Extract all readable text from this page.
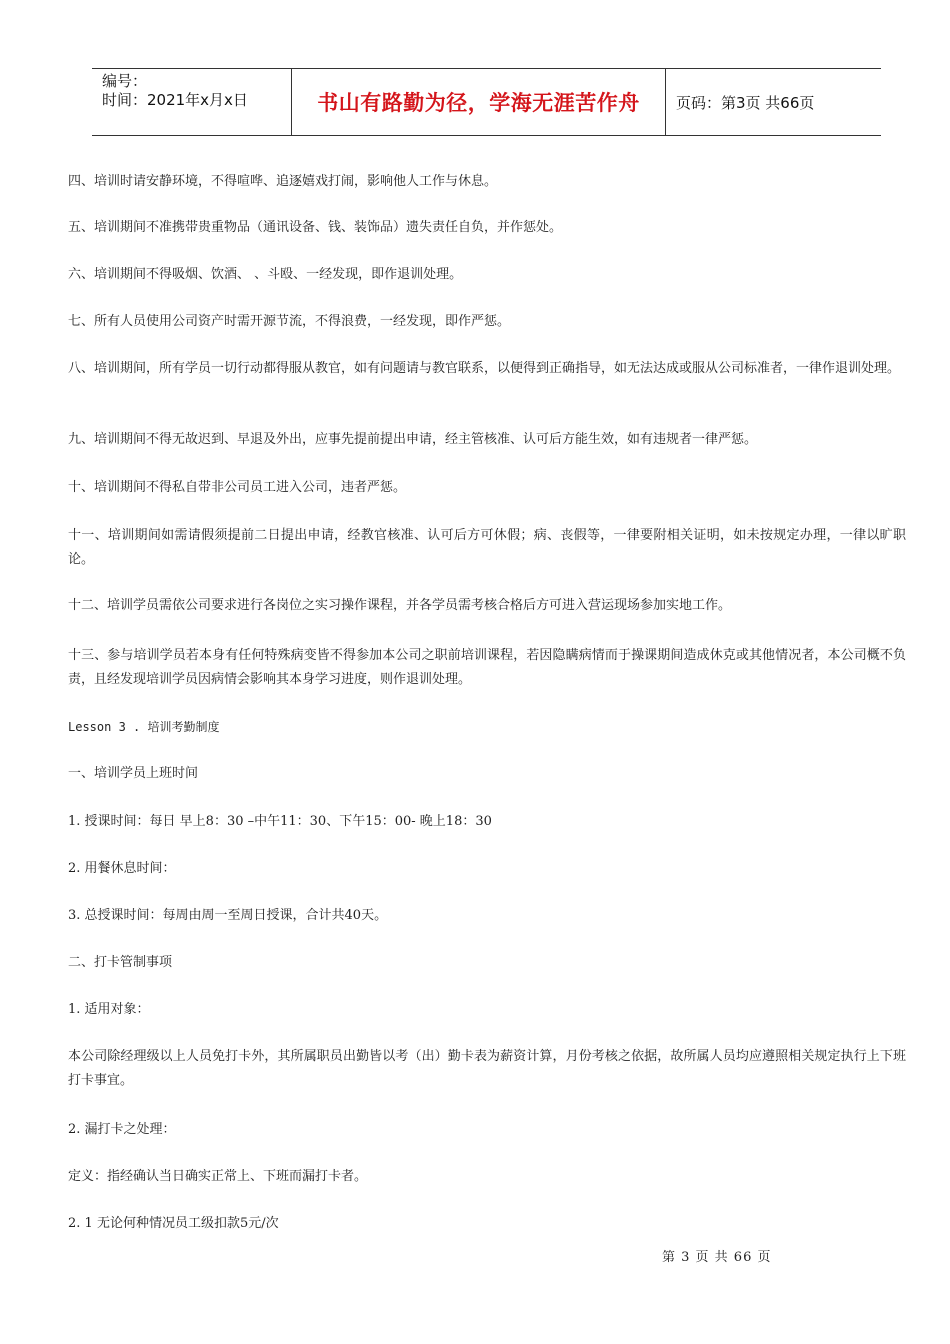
编号：
时间：2021年x月x日	书山有路勤为径，学海无涯苦作舟	页码：第3页 共66页
四、培训时请安静环境，不得喧哗、追逐嬉戏打闹，影响他人工作与休息。
五、培训期间不准携带贵重物品（通讯设备、钱、装饰品）遗失责任自负，并作惩处。
六、培训期间不得吸烟、饮酒、 、斗殴、一经发现，即作退训处理。
七、所有人员使用公司资产时需开源节流，不得浪费，一经发现，即作严惩。
八、培训期间，所有学员一切行动都得服从教官，如有问题请与教官联系，以便得到正确指导，如无法达成或服从公司标准者，一律作退训处理。
九、培训期间不得无故迟到、早退及外出，应事先提前提出申请，经主管核准、认可后方能生效，如有违规者一律严惩。
十、培训期间不得私自带非公司员工进入公司，违者严惩。
十一、培训期间如需请假须提前二日提出申请，经教官核准、认可后方可休假；病、丧假等，一律要附相关证明，如未按规定办理，一律以旷职论。
十二、培训学员需依公司要求进行各岗位之实习操作课程，并各学员需考核合格后方可进入营运现场参加实地工作。
十三、参与培训学员若本身有任何特殊病变皆不得参加本公司之职前培训课程，若因隐瞒病情而于操课期间造成休克或其他情况者，本公司概不负责，且经发现培训学员因病情会影响其本身学习进度，则作退训处理。
Lesson 3 . 培训考勤制度
一、培训学员上班时间
1. 授课时间：每日 早上8：30 –中午11：30、下午15：00- 晚上18：30
2. 用餐休息时间：
3. 总授课时间：每周由周一至周日授课，合计共40天。
二、打卡管制事项
1. 适用对象：
本公司除经理级以上人员免打卡外，其所属职员出勤皆以考（出）勤卡表为薪资计算，月份考核之依据，故所属人员均应遵照相关规定执行上下班打卡事宜。
2. 漏打卡之处理：
定义：指经确认当日确实正常上、下班而漏打卡者。
2. 1 无论何种情况员工级扣款5元/次
第 3 页 共 66 页
